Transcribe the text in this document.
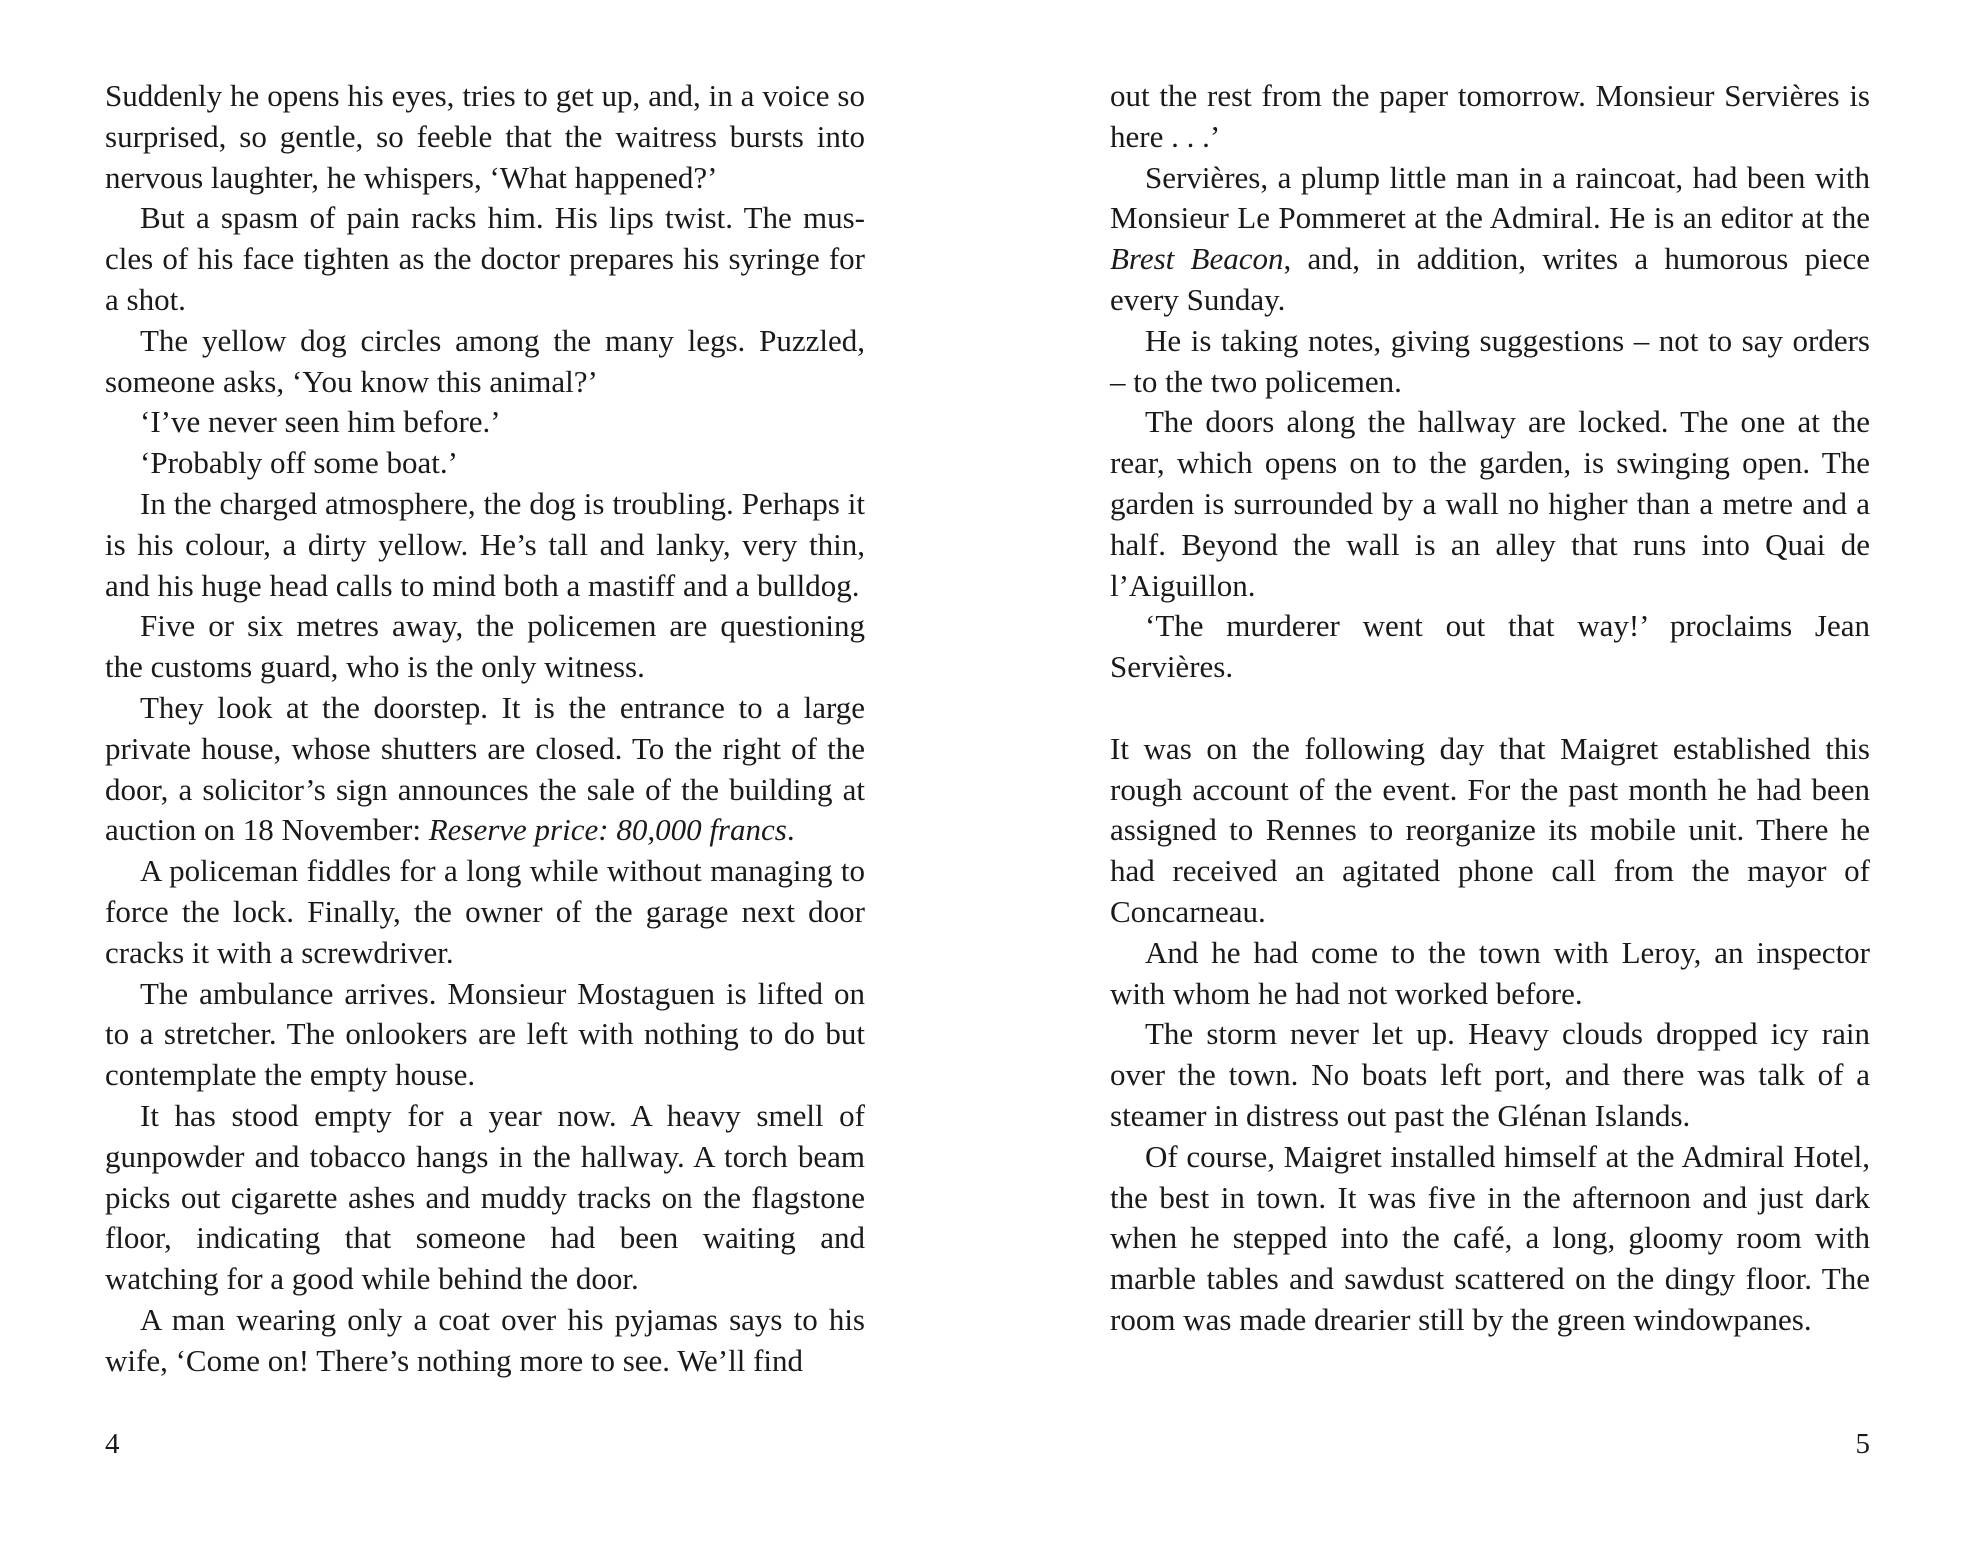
Suddenly he opens his eyes, tries to get up, and, in a voice so surprised, so gentle, so feeble that the waitress bursts into nervous laughter, he whispers, ‘What happened?’

But a spasm of pain racks him. His lips twist. The muscles of his face tighten as the doctor prepares his syringe for a shot.

The yellow dog circles among the many legs. Puzzled, someone asks, ‘You know this animal?’

‘I’ve never seen him before.’

‘Probably off some boat.’

In the charged atmosphere, the dog is troubling. Perhaps it is his colour, a dirty yellow. He’s tall and lanky, very thin, and his huge head calls to mind both a mastiff and a bulldog.

Five or six metres away, the policemen are questioning the customs guard, who is the only witness.

They look at the doorstep. It is the entrance to a large private house, whose shutters are closed. To the right of the door, a solicitor’s sign announces the sale of the building at auction on 18 November: Reserve price: 80,000 francs.

A policeman fiddles for a long while without managing to force the lock. Finally, the owner of the garage next door cracks it with a screwdriver.

The ambulance arrives. Monsieur Mostaguen is lifted on to a stretcher. The onlookers are left with nothing to do but contemplate the empty house.

It has stood empty for a year now. A heavy smell of gunpowder and tobacco hangs in the hallway. A torch beam picks out cigarette ashes and muddy tracks on the flagstone floor, indicating that someone had been waiting and watching for a good while behind the door.

A man wearing only a coat over his pyjamas says to his wife, ‘Come on! There’s nothing more to see. We’ll find

4

out the rest from the paper tomorrow. Monsieur Servières is here . . .’

Servières, a plump little man in a raincoat, had been with Monsieur Le Pommeret at the Admiral. He is an editor at the Brest Beacon, and, in addition, writes a humorous piece every Sunday.

He is taking notes, giving suggestions – not to say orders – to the two policemen.

The doors along the hallway are locked. The one at the rear, which opens on to the garden, is swinging open. The garden is surrounded by a wall no higher than a metre and a half. Beyond the wall is an alley that runs into Quai de l’Aiguillon.

‘The murderer went out that way!’ proclaims Jean Servières.

It was on the following day that Maigret established this rough account of the event. For the past month he had been assigned to Rennes to reorganize its mobile unit. There he had received an agitated phone call from the mayor of Concarneau.

And he had come to the town with Leroy, an inspector with whom he had not worked before.

The storm never let up. Heavy clouds dropped icy rain over the town. No boats left port, and there was talk of a steamer in distress out past the Glénan Islands.

Of course, Maigret installed himself at the Admiral Hotel, the best in town. It was five in the afternoon and just dark when he stepped into the café, a long, gloomy room with marble tables and sawdust scattered on the dingy floor. The room was made drearier still by the green windowpanes.

5
